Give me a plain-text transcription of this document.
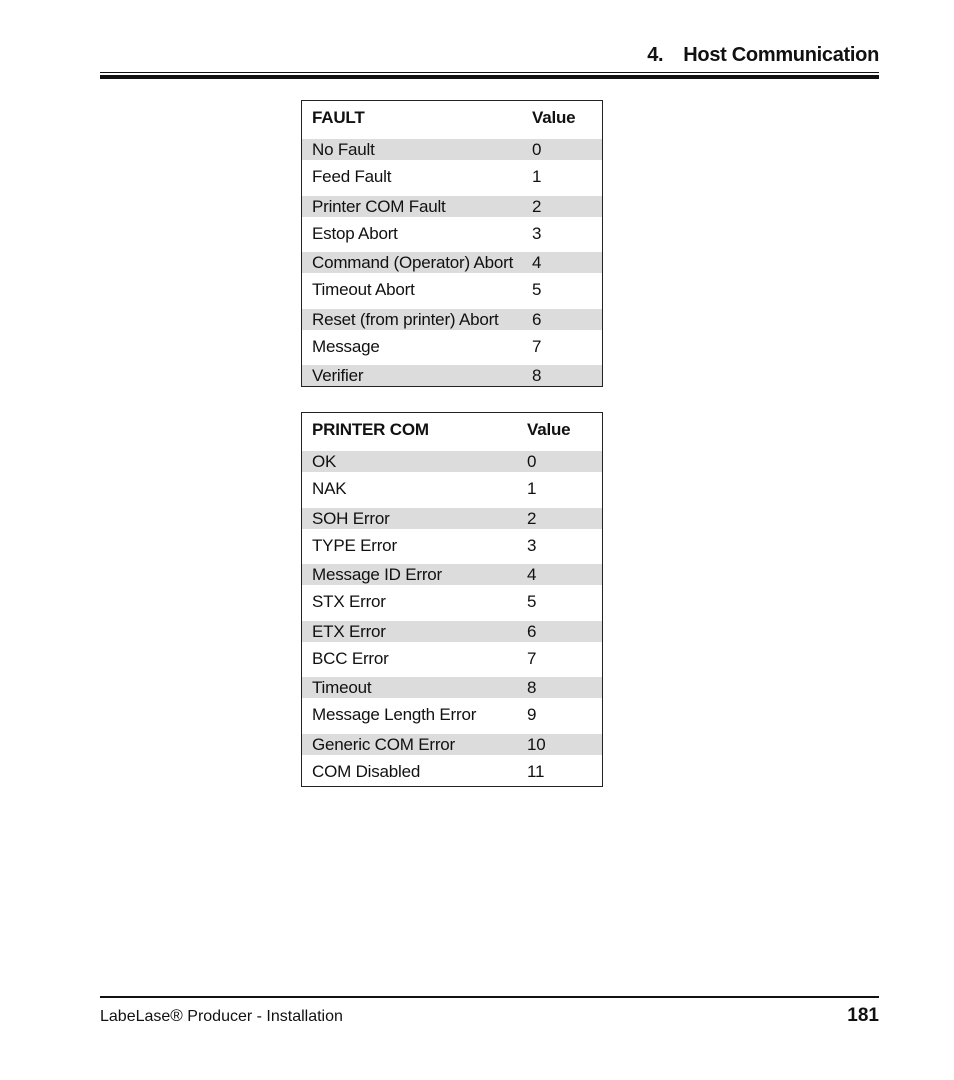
4. Host Communication
FAULT	Value
No Fault	0
Feed Fault	1
Printer COM Fault	2
Estop Abort	3
Command (Operator) Abort 4
Timeout Abort	5
Reset (from printer) Abort 6
Message	7
Verifier	8
PRINTER COM	Value
OK	0
NAK	1
SOH Error	2
TYPE Error	3
Message ID Error	4
STX Error	5
ETX Error	6
BCC Error	7
Timeout	8
Message Length Error	9
Generic COM Error	10
COM Disabled	11
LabeLase® Producer - Installation	181
